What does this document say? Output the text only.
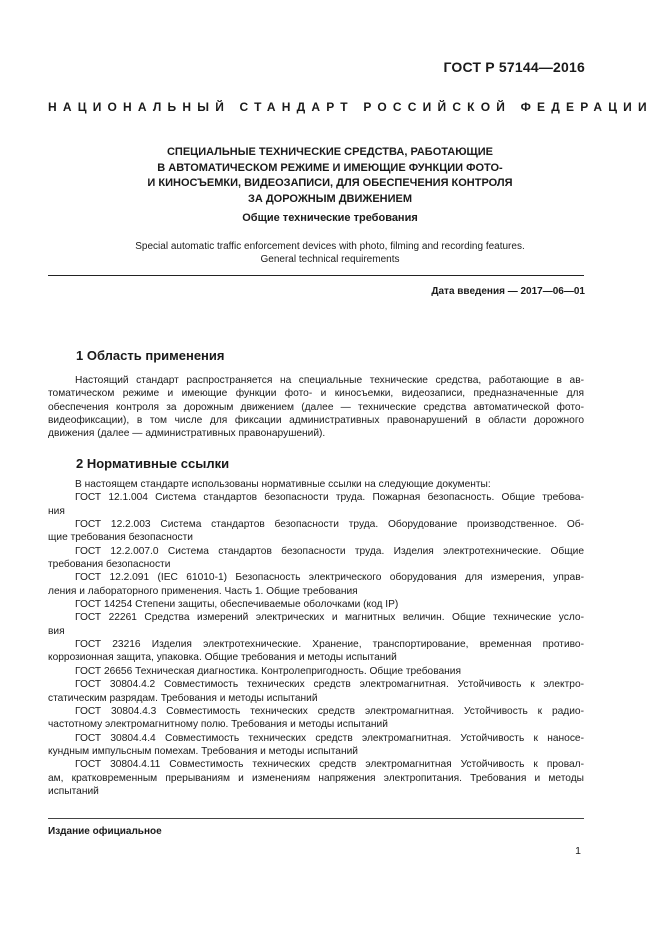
ГОСТ Р 57144—2016
НАЦИОНАЛЬНЫЙ СТАНДАРТ РОССИЙСКОЙ ФЕДЕРАЦИИ
СПЕЦИАЛЬНЫЕ ТЕХНИЧЕСКИЕ СРЕДСТВА, РАБОТАЮЩИЕ
В АВТОМАТИЧЕСКОМ РЕЖИМЕ И ИМЕЮЩИЕ ФУНКЦИИ ФОТО-
И КИНОСЪЕМКИ, ВИДЕОЗАПИСИ, ДЛЯ ОБЕСПЕЧЕНИЯ КОНТРОЛЯ
ЗА ДОРОЖНЫМ ДВИЖЕНИЕМ
Общие технические требования
Special automatic traffic enforcement devices with photo, filming and recording features.
General technical requirements
Дата введения — 2017—06—01
1 Область применения
Настоящий стандарт распространяется на специальные технические средства, работающие в ав-
томатическом режиме и имеющие функции фото- и киносъемки, видеозаписи, предназначенные для
обеспечения контроля за дорожным движением (далее — технические средства автоматической фото-
видеофиксации), в том числе для фиксации административных правонарушений в области дорожного
движения (далее — административных правонарушений).
2 Нормативные ссылки
В настоящем стандарте использованы нормативные ссылки на следующие документы:
ГОСТ 12.1.004 Система стандартов безопасности труда. Пожарная безопасность. Общие требова-
ния
ГОСТ 12.2.003 Система стандартов безопасности труда. Оборудование производственное. Об-
щие требования безопасности
ГОСТ 12.2.007.0 Система стандартов безопасности труда. Изделия электротехнические. Общие
требования безопасности
ГОСТ 12.2.091 (IEC 61010-1) Безопасность электрического оборудования для измерения, управ-
ления и лабораторного применения. Часть 1. Общие требования
ГОСТ 14254 Степени защиты, обеспечиваемые оболочками (код IP)
ГОСТ 22261 Средства измерений электрических и магнитных величин. Общие технические усло-
вия
ГОСТ 23216 Изделия электротехнические. Хранение, транспортирование, временная противо-
коррозионная защита, упаковка. Общие требования и методы испытаний
ГОСТ 26656 Техническая диагностика. Контролепригодность. Общие требования
ГОСТ 30804.4.2 Совместимость технических средств электромагнитная. Устойчивость к электро-
статическим разрядам. Требования и методы испытаний
ГОСТ 30804.4.3 Совместимость технических средств электромагнитная. Устойчивость к радио-
частотному электромагнитному полю. Требования и методы испытаний
ГОСТ 30804.4.4 Совместимость технических средств электромагнитная. Устойчивость к наносе-
кундным импульсным помехам. Требования и методы испытаний
ГОСТ 30804.4.11 Совместимость технических средств электромагнитная Устойчивость к провал-
ам, кратковременным прерываниям и изменениям напряжения электропитания. Требования и методы
испытаний
Издание официальное
1
